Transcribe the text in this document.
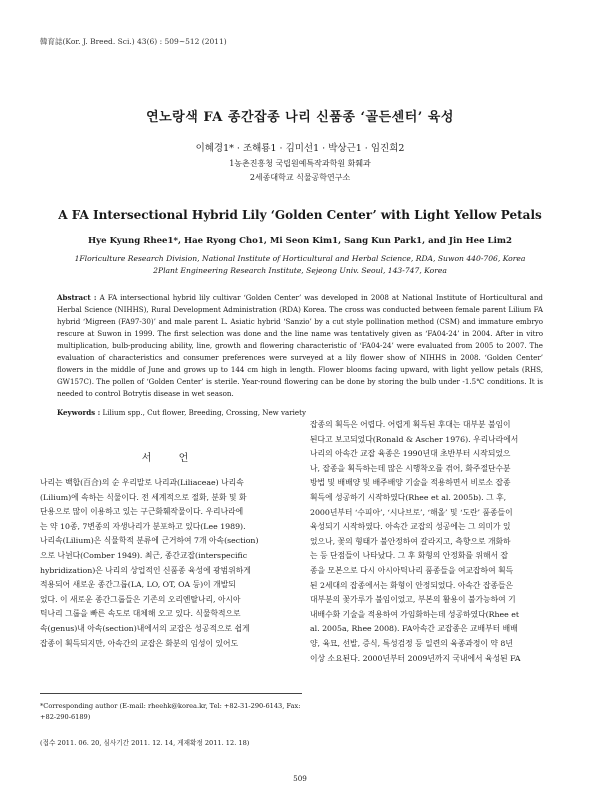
韓育誌(Kor. J. Breed. Sci.) 43(6) : 509~512 (2011)
연노랑색 FA 종간잡종 나리 신품종 ‘골든센터’ 육성
이혜경1* · 조해룡1 · 김미선1 · 박상근1 · 임진희2
1농촌진흥청 국립원예특작과학원 화훼과
2세종대학교 식물공학연구소
A FA Intersectional Hybrid Lily ‘Golden Center’ with Light Yellow Petals
Hye Kyung Rhee1*, Hae Ryong Cho1, Mi Seon Kim1, Sang Kun Park1, and Jin Hee Lim2
1Floriculture Research Division, National Institute of Horticultural and Herbal Science, RDA, Suwon 440-706, Korea
2Plant Engineering Research Institute, Sejeong Univ. Seoul, 143-747, Korea
Abstract : A FA intersectional hybrid lily cultivar ‘Golden Center’ was developed in 2008 at National Institute of Horticultural and Herbal Science (NIHHS), Rural Development Administration (RDA) Korea. The cross was conducted between female parent Lilium FA hybrid ‘Migreen (FA97-30)’ and male parent L. Asiatic hybrid ‘Sanzio’ by a cut style pollination method (CSM) and immature embryo rescure at Suwon in 1999. The first selection was done and the line name was tentatively given as ‘FA04-24’ in 2004. After in vitro multiplication, bulb-producing ability, line, growth and flowering characteristic of ‘FA04-24’ were evaluated from 2005 to 2007. The evaluation of characteristics and consumer preferences were surveyed at a lily flower show of NIHHS in 2008. ‘Golden Center’ flowers in the middle of June and grows up to 144 cm high in length. Flower blooms facing upward, with light yellow petals (RHS, GW157C). The pollen of ‘Golden Center’ is sterile. Year-round flowering can be done by storing the bulb under -1.5℃ conditions. It is needed to control Botrytis disease in wet season.
Keywords : Lilium spp., Cut flower, Breeding, Crossing, New variety
서 언
나리는 백합(百合)의 순 우리말로 나리과(Liliaceae) 나리속
(Lilium)에 속하는 식물이다. 전 세계적으로 절화, 분화 및 화
단용으로 많이 이용하고 있는 구근화훼작물이다. 우리나라에
는 약 10종, 7변종의 자생나리가 분포하고 있다(Lee 1989).
나리속(Lilium)은 식물학적 분류에 근거하여 7개 아속(section)
으로 나뉜다(Comber 1949). 최근, 종간교잡(interspecific
hybridization)은 나리의 상업적인 신품종 육성에 광범위하게
적용되어 새로운 종간그룹(LA, LO, OT, OA 등)이 개발되
었다. 이 새로운 종간그룹들은 기존의 오리엔탈나리, 아시아
틱나리 그룹을 빠른 속도로 대체해 오고 있다. 식물학적으로
속(genus)내 아속(section)내에서의 교잡은 성공적으로 쉽게
잡종이 획득되지만, 아속간의 교잡은 화분의 임성이 있어도
잡종의 획득은 어렵다. 어렵게 획득된 후대는 대부분 불임이
된다고 보고되었다(Ronald & Ascher 1976). 우리나라에서
나리의 아속간 교잡 육종은 1990년대 초반부터 시작되었으
나, 잡종을 획득하는데 많은 시행착오를 겪어, 화주절단수분
방법 및 배배양 및 배주배양 기술을 적용하면서 비로소 잡종
획득에 성공하기 시작하였다(Rhee et al. 2005b). 그 후,
2000년부터 ‘수피아’, ‘시나브로’, ‘해올’ 및 ‘도란’ 품종들이
육성되기 시작하였다. 아속간 교잡의 성공에는 그 의미가 있
었으나, 꽃의 형태가 불안정하여 갈라지고, 측향으로 개화하
는 등 단점들이 나타났다. 그 후 화형의 안정화를 위해서 잡
종을 모본으로 다시 아시아틱나리 품종들을 여교잡하여 획득
된 2세대의 잡종에서는 화형이 안정되었다. 아속간 잡종들은
대부분의 꽃가루가 불임이었고, 부본의 활용이 불가능하여 기
내배수화 기술을 적용하여 가임화하는데 성공하였다(Rhee et
al. 2005a, Rhee 2008). FA아속간 교잡종은 교배부터 배배
양, 육묘, 선발, 증식, 특성검정 등 일련의 육종과정이 약 8년
이상 소요된다. 2000년부터 2009년까지 국내에서 육성된 FA
*Corresponding author (E-mail: rheehk@korea.kr, Tel: +82-31-290-6143, Fax: +82-290-6189)
(접수 2011. 06. 20, 심사기간 2011. 12. 14, 게재확정 2011. 12. 18)
509
